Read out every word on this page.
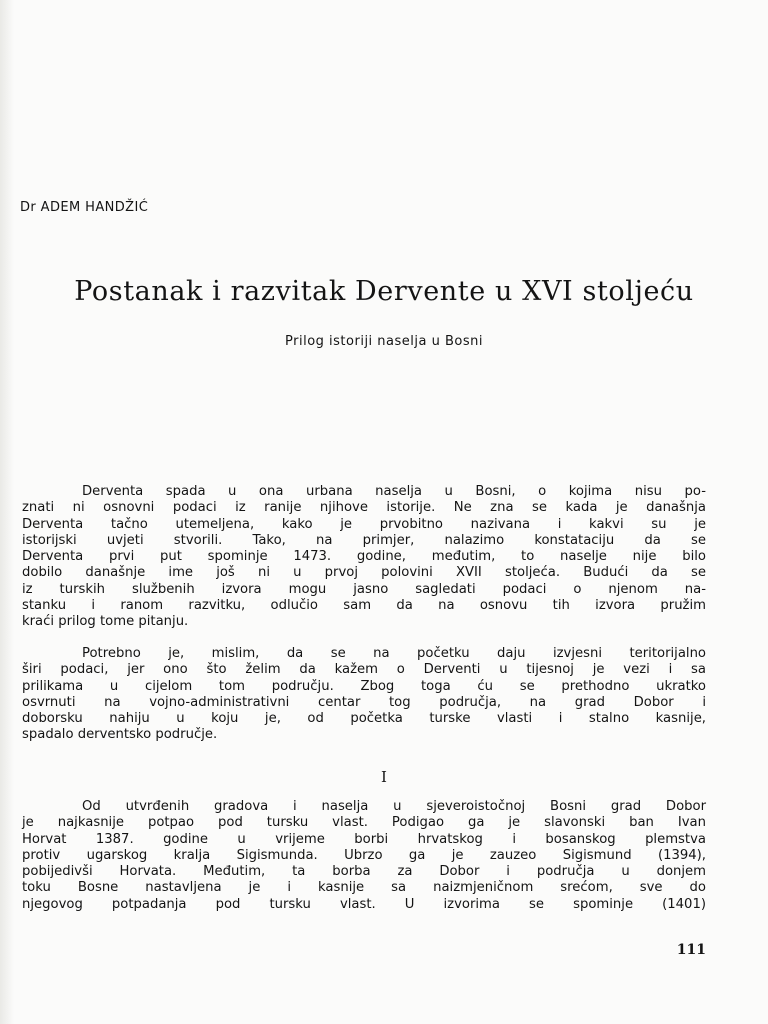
Dr ADEM HANDŽIĆ
Postanak i razvitak Dervente u XVI stoljeću
Prilog istoriji naselja u Bosni
Derventa spada u ona urbana naselja u Bosni, o kojima nisu po-
znati ni osnovni podaci iz ranije njihove istorije. Ne zna se kada je današnja
Derventa tačno utemeljena, kako je prvobitno nazivana i kakvi su je
istorijski uvjeti stvorili. Tako, na primjer, nalazimo konstataciju da se
Derventa prvi put spominje 1473. godine, međutim, to naselje nije bilo
dobilo današnje ime još ni u prvoj polovini XVII stoljeća. Budući da se
iz turskih službenih izvora mogu jasno sagledati podaci o njenom na-
stanku i ranom razvitku, odlučio sam da na osnovu tih izvora pružim
kraći prilog tome pitanju.
Potrebno je, mislim, da se na početku daju izvjesni teritorijalno
širi podaci, jer ono što želim da kažem o Derventi u tijesnoj je vezi i sa
prilikama u cijelom tom području. Zbog toga ću se prethodno ukratko
osvrnuti na vojno-administrativni centar tog područja, na grad Dobor i
doborsku nahiju u koju je, od početka turske vlasti i stalno kasnije,
spadalo derventsko područje.
I
Od utvrđenih gradova i naselja u sjeveroistočnoj Bosni grad Dobor
je najkasnije potpao pod tursku vlast. Podigao ga je slavonski ban Ivan
Horvat 1387. godine u vrijeme borbi hrvatskog i bosanskog plemstva
protiv ugarskog kralja Sigismunda. Ubrzo ga je zauzeo Sigismund (1394),
pobijedivši Horvata. Međutim, ta borba za Dobor i područja u donjem
toku Bosne nastavljena je i kasnije sa naizmjeničnom srećom, sve do
njegovog potpadanja pod tursku vlast. U izvorima se spominje (1401)
111
